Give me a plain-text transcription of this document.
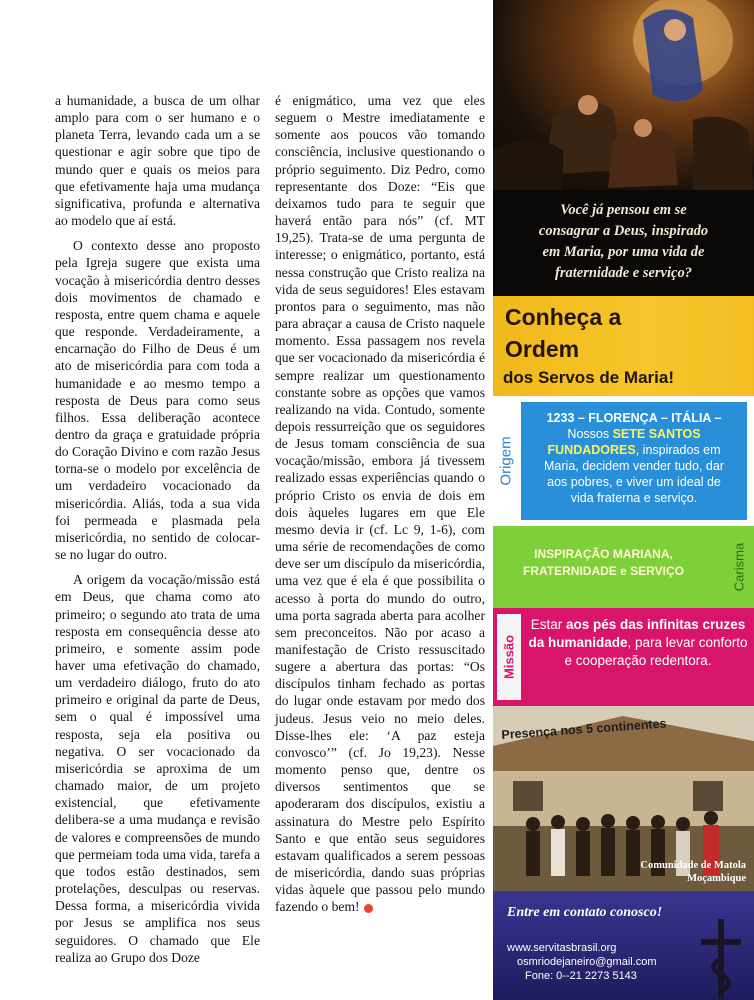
a humanidade, a busca de um olhar amplo para com o ser humano e o planeta Terra, levando cada um a se questionar e agir sobre que tipo de mundo quer e quais os meios para que efetivamente haja uma mudança significativa, profunda e alternativa ao modelo que aí está.

O contexto desse ano proposto pela Igreja sugere que exista uma vocação à misericórdia dentro desses dois movimentos de chamado e resposta, entre quem chama e aquele que responde. Verdadeiramente, a encarnação do Filho de Deus é um ato de misericórdia para com toda a humanidade e ao mesmo tempo a resposta de Deus para como seus filhos. Essa deliberação acontece dentro da graça e gratuidade própria do Coração Divino e com razão Jesus torna-se o modelo por excelência de um verdadeiro vocacionado da misericórdia. Aliás, toda a sua vida foi permeada e plasmada pela misericórdia, no sentido de colocar-se no lugar do outro.

A origem da vocação/missão está em Deus, que chama como ato primeiro; o segundo ato trata de uma resposta em consequência desse ato primeiro, e somente assim pode haver uma efetivação do chamado, um verdadeiro diálogo, fruto do ato primeiro e original da parte de Deus, sem o qual é impossível uma resposta, seja ela positiva ou negativa. O ser vocacionado da misericórdia se aproxima de um chamado maior, de um projeto existencial, que efetivamente delibera-se a uma mudança e revisão de valores e compreensões de mundo que permeiam toda uma vida, tarefa a que todos estão destinados, sem protelações, desculpas ou reservas. Dessa forma, a misericórdia vivida por Jesus se amplifica nos seus seguidores. O chamado que Ele realiza ao Grupo dos Doze

é enigmático, uma vez que eles seguem o Mestre imediatamente e somente aos poucos vão tomando consciência, inclusive questionando o próprio seguimento. Diz Pedro, como representante dos Doze: “Eis que deixamos tudo para te seguir que haverá então para nós” (cf. MT 19,25). Trata-se de uma pergunta de interesse; o enigmático, portanto, está nessa construção que Cristo realiza na vida de seus seguidores! Eles estavam prontos para o seguimento, mas não para abraçar a causa de Cristo naquele momento. Essa passagem nos revela que ser vocacionado da misericórdia é sempre realizar um questionamento constante sobre as opções que vamos realizando na vida. Contudo, somente depois ressurreição que os seguidores de Jesus tomam consciência de sua vocação/missão, embora já tivessem realizado essas experiências quando o próprio Cristo os envia de dois em dois àqueles lugares em que Ele mesmo devia ir (cf. Lc 9, 1-6), com uma série de recomendações de como deve ser um discípulo da misericórdia, uma vez que é ela é que possibilita o acesso à porta do mundo do outro, uma porta sagrada aberta para acolher sem preconceitos. Não por acaso a manifestação de Cristo ressuscitado sugere a abertura das portas: “Os discípulos tinham fechado as portas do lugar onde estavam por medo dos judeus. Jesus veio no meio deles. Disse-lhes ele: ‘A paz esteja convosco’” (cf. Jo 19,23). Nesse momento penso que, dentre os diversos sentimentos que se apoderaram dos discípulos, existiu a assinatura do Mestre pelo Espírito Santo e que então seus seguidores estavam qualificados a serem pessoas de misericórdia, dando suas próprias vidas àquele que passou pelo mundo fazendo o bem!

Você já pensou em se
consagrar a Deus, inspirado
em Maria, por uma vida de
fraternidade e serviço?
Conheça a
Ordem
dos Servos de Maria!
Origem
1233 – FLORENÇA – ITÁLIA –
Nossos SETE SANTOS
FUNDADORES, inspirados em
Maria, decidem vender tudo, dar
aos pobres, e viver um ideal de
vida fraterna e serviço.
INSPIRAÇÃO MARIANA,
FRATERNIDADE e SERVIÇO	Carisma
Missão
Estar aos pés das infinitas cruzes da humanidade, para levar conforto e cooperação redentora.
Presença nos 5 continentes
Comunidade de Matola
Moçambique
Entre em contato conosco!
www.servitasbrasil.org
osmriodejaneiro@gmail.com
Fone: 0--21 2273 5143
